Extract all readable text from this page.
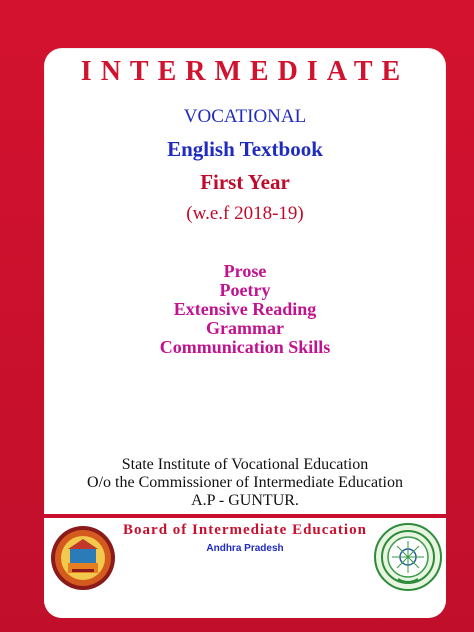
INTERMEDIATE
VOCATIONAL
English Textbook
First Year
(w.e.f 2018-19)
Prose
Poetry
Extensive Reading
Grammar
Communication Skills
State Institute of Vocational Education
O/o the Commissioner of Intermediate Education
A.P - GUNTUR.
Board of Intermediate Education
Andhra Pradesh
